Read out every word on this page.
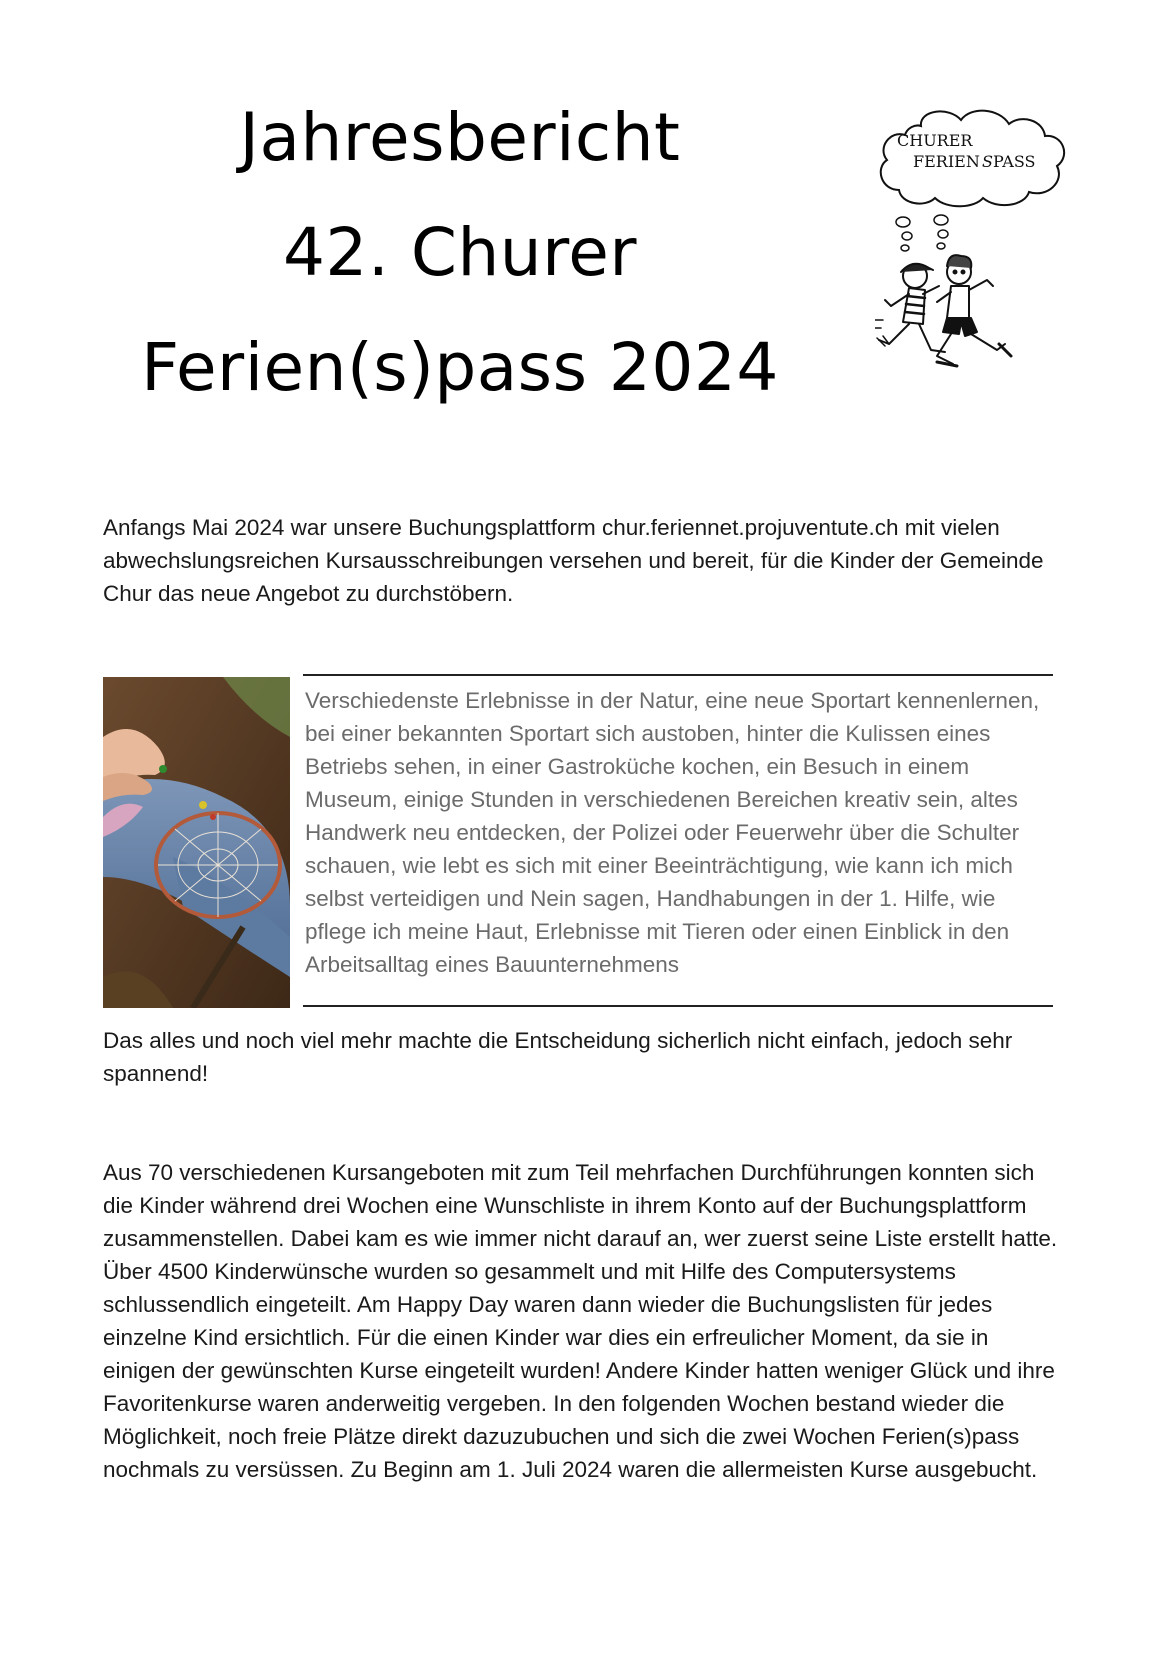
Jahresbericht
42. Churer
Ferien(s)pass 2024
CHURER
FERIEN S PASS

Anfangs Mai 2024 war unsere Buchungsplattform chur.feriennet.projuventute.ch mit vielen abwechslungsreichen Kursausschreibungen versehen und bereit, für die Kinder der Gemeinde Chur das neue Angebot zu durchstöbern.

Verschiedenste Erlebnisse in der Natur, eine neue Sportart kennenlernen, bei einer bekannten Sportart sich austoben, hinter die Kulissen eines Betriebs sehen, in einer Gastroküche kochen, ein Besuch in einem Museum, einige Stunden in verschiedenen Bereichen kreativ sein, altes Handwerk neu entdecken, der Polizei oder Feuerwehr über die Schulter schauen, wie lebt es sich mit einer Beeinträchtigung, wie kann ich mich selbst verteidigen und Nein sagen, Handhabungen in der 1. Hilfe, wie pflege ich meine Haut, Erlebnisse mit Tieren oder einen Einblick in den Arbeitsalltag eines Bauunternehmens

Das alles und noch viel mehr machte die Entscheidung sicherlich nicht einfach, jedoch sehr spannend!

Aus 70 verschiedenen Kursangeboten mit zum Teil mehrfachen Durchführungen konnten sich die Kinder während drei Wochen eine Wunschliste in ihrem Konto auf der Buchungsplattform zusammenstellen. Dabei kam es wie immer nicht darauf an, wer zuerst seine Liste erstellt hatte. Über 4500 Kinderwünsche wurden so gesammelt und mit Hilfe des Computersystems schlussendlich eingeteilt. Am Happy Day waren dann wieder die Buchungslisten für jedes einzelne Kind ersichtlich. Für die einen Kinder war dies ein erfreulicher Moment, da sie in einigen der gewünschten Kurse eingeteilt wurden! Andere Kinder hatten weniger Glück und ihre Favoritenkurse waren anderweitig vergeben. In den folgenden Wochen bestand wieder die Möglichkeit, noch freie Plätze direkt dazuzubuchen und sich die zwei Wochen Ferien(s)pass nochmals zu versüssen. Zu Beginn am 1. Juli 2024 waren die allermeisten Kurse ausgebucht.
